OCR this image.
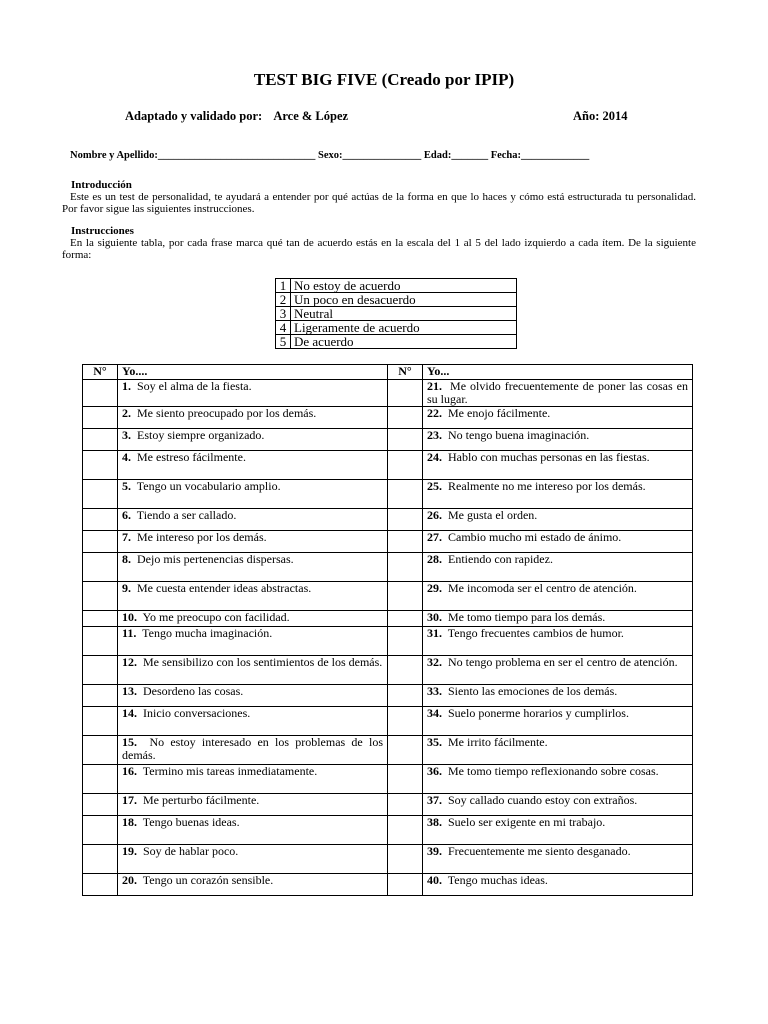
TEST BIG FIVE (Creado por IPIP)
Adaptado y validado por: Arce & López	Año: 2014
Nombre y Apellido:______________________________ Sexo:_______________ Edad:_______ Fecha:_____________
Introducción
Este es un test de personalidad, te ayudará a entender por qué actúas de la forma en que lo haces y cómo está estructurada tu personalidad. Por favor sigue las siguientes instrucciones.
Instrucciones
En la siguiente tabla, por cada frase marca qué tan de acuerdo estás en la escala del 1 al 5 del lado izquierdo a cada ítem. De la siguiente forma:
1	No estoy de acuerdo
2	Un poco en desacuerdo
3	Neutral
4	Ligeramente de acuerdo
5	De acuerdo
N°	Yo....	N°	Yo...

	1. Soy el alma de la fiesta.		21. Me olvido frecuentemente de poner las cosas en su lugar.

	2. Me siento preocupado por los demás.		22. Me enojo fácilmente.

	3. Estoy siempre organizado.		23. No tengo buena imaginación.

	4. Me estreso fácilmente.		24. Hablo con muchas personas en las fiestas.

	5. Tengo un vocabulario amplio.		25. Realmente no me intereso por los demás.

	6. Tiendo a ser callado.		26. Me gusta el orden.

	7. Me intereso por los demás.		27. Cambio mucho mi estado de ánimo.

	8. Dejo mis pertenencias dispersas.		28. Entiendo con rapidez.

	9. Me cuesta entender ideas abstractas.		29. Me incomoda ser el centro de atención.

	10. Yo me preocupo con facilidad.		30. Me tomo tiempo para los demás.

	11. Tengo mucha imaginación.		31. Tengo frecuentes cambios de humor.

	12. Me sensibilizo con los sentimientos de los demás.		32. No tengo problema en ser el centro de atención.

	13. Desordeno las cosas.		33. Siento las emociones de los demás.

	14. Inicio conversaciones.		34. Suelo ponerme horarios y cumplirlos.

	15. No estoy interesado en los problemas de los demás.		35. Me irrito fácilmente.

	16. Termino mis tareas inmediatamente.		36. Me tomo tiempo reflexionando sobre cosas.

	17. Me perturbo fácilmente.		37. Soy callado cuando estoy con extraños.

	18. Tengo buenas ideas.		38. Suelo ser exigente en mi trabajo.

	19. Soy de hablar poco.		39. Frecuentemente me siento desganado.

	20. Tengo un corazón sensible.		40. Tengo muchas ideas.
